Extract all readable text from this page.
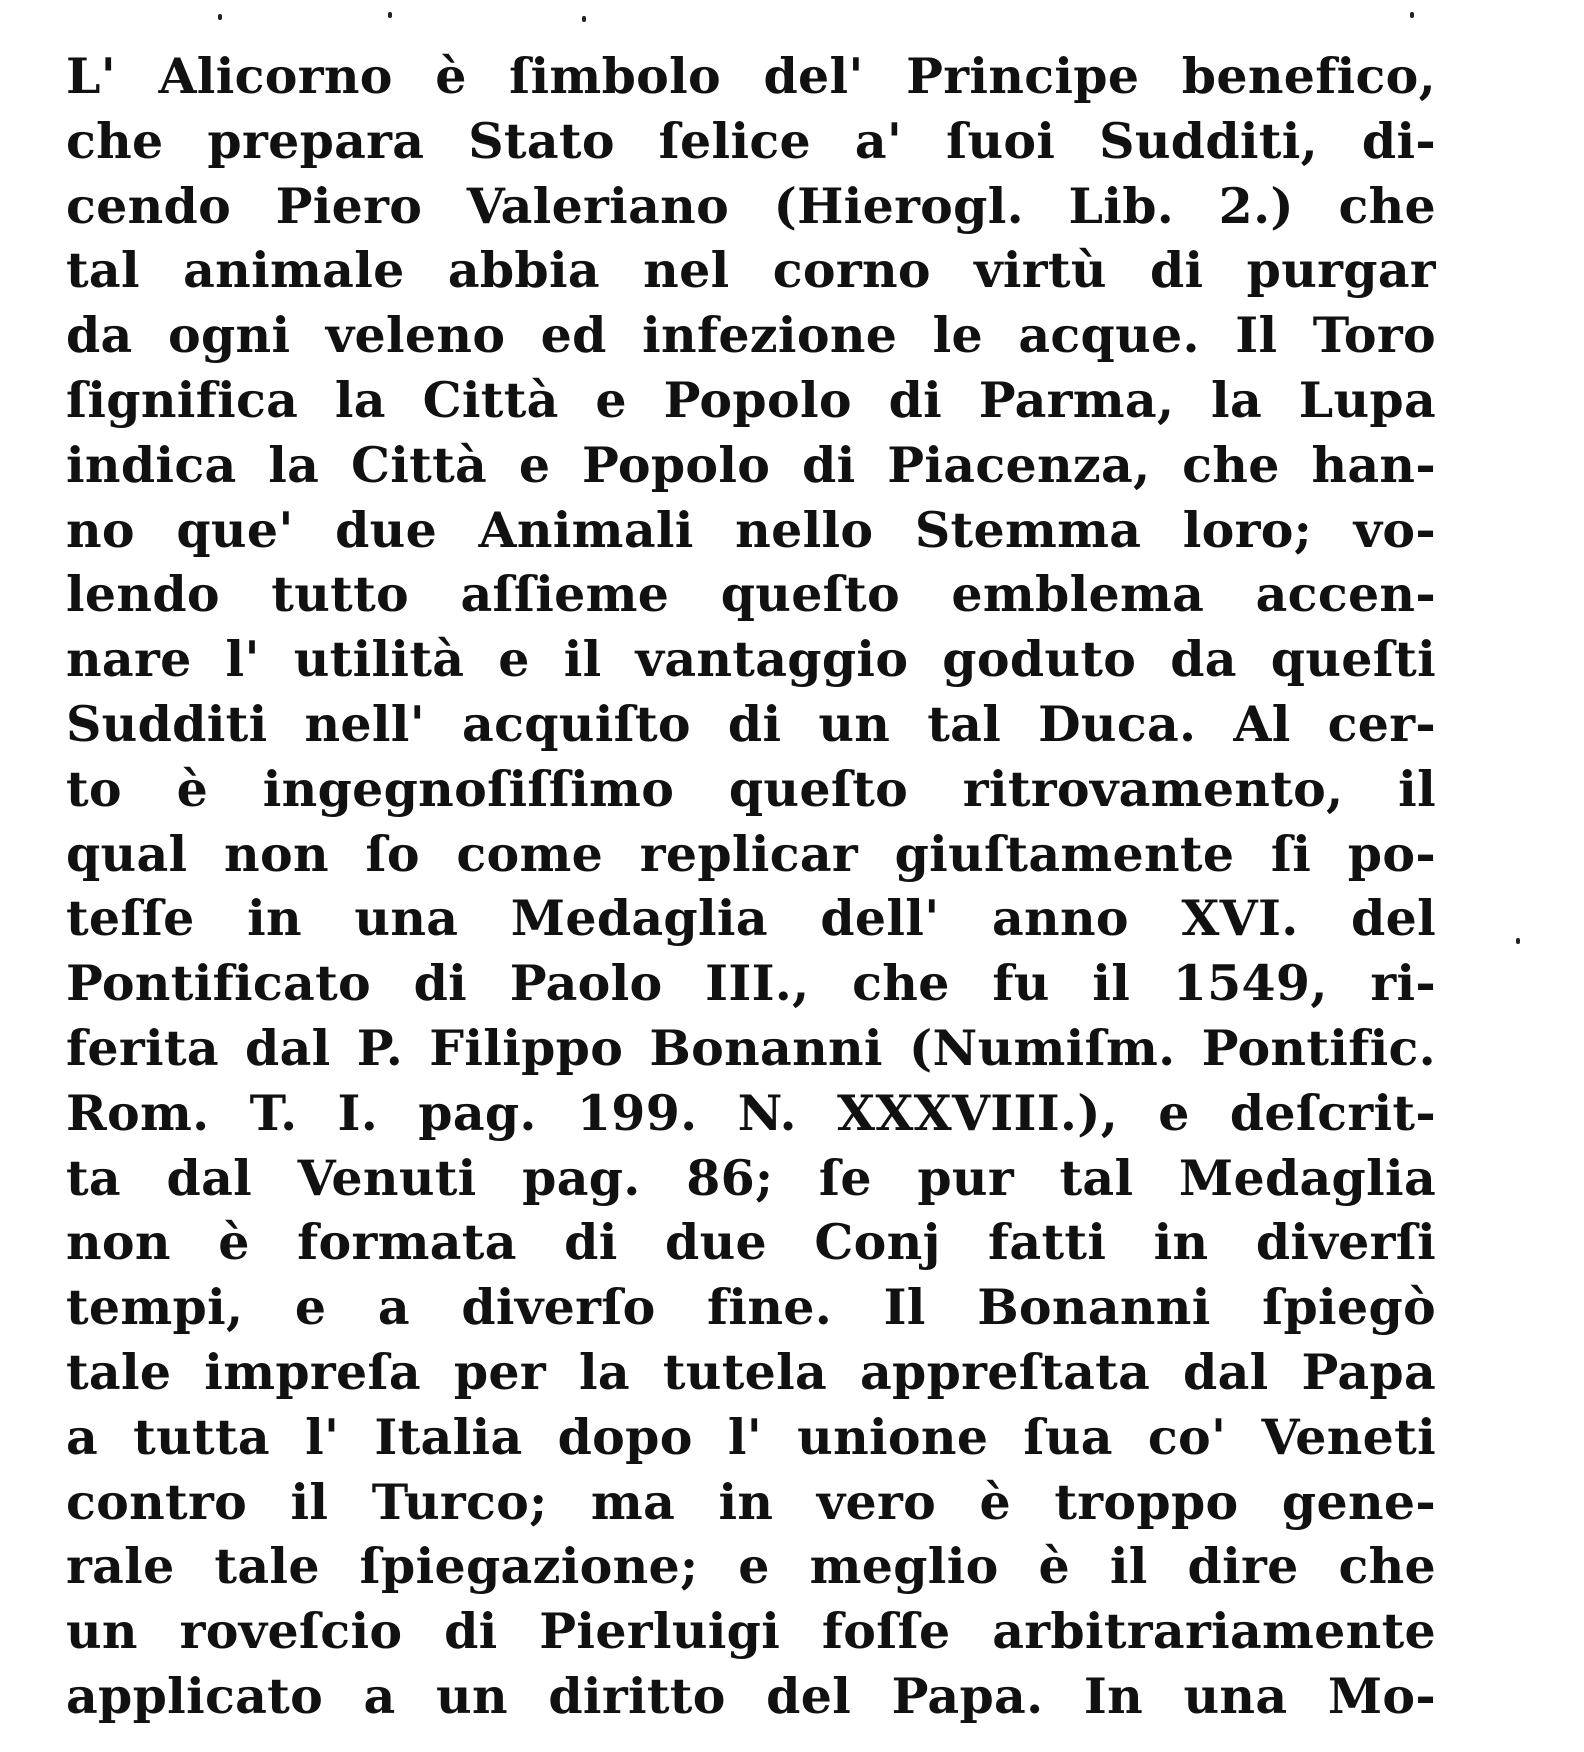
L' Alicorno è ſimbolo del' Principe benefico,
che prepara Stato ſelice a' ſuoi Sudditi, di-
cendo Piero Valeriano (Hierogl. Lib. 2.) che
tal animale abbia nel corno virtù di purgar
da ogni veleno ed infezione le acque. Il Toro
ſignifica la Città e Popolo di Parma, la Lupa
indica la Città e Popolo di Piacenza, che han-
no que' due Animali nello Stemma loro; vo-
lendo tutto aſſieme queſto emblema accen-
nare l' utilità e il vantaggio goduto da queſti
Sudditi nell' acquiſto di un tal Duca. Al cer-
to è ingegnoſiſſimo queſto ritrovamento, il
qual non ſo come replicar giuſtamente ſi po-
teſſe in una Medaglia dell' anno XVI. del
Pontificato di Paolo III., che fu il 1549, ri-
ferita dal P. Filippo Bonanni (Numiſm. Pontific.
Rom. T. I. pag. 199. N. XXXVIII.), e deſcrit-
ta dal Venuti pag. 86; ſe pur tal Medaglia
non è formata di due Conj fatti in diverſi
tempi, e a diverſo fine. Il Bonanni ſpiegò
tale impreſa per la tutela appreſtata dal Papa
a tutta l' Italia dopo l' unione ſua co' Veneti
contro il Turco; ma in vero è troppo gene-
rale tale ſpiegazione; e meglio è il dire che
un roveſcio di Pierluigi foſſe arbitrariamente
applicato a un diritto del Papa. In una Mo-
